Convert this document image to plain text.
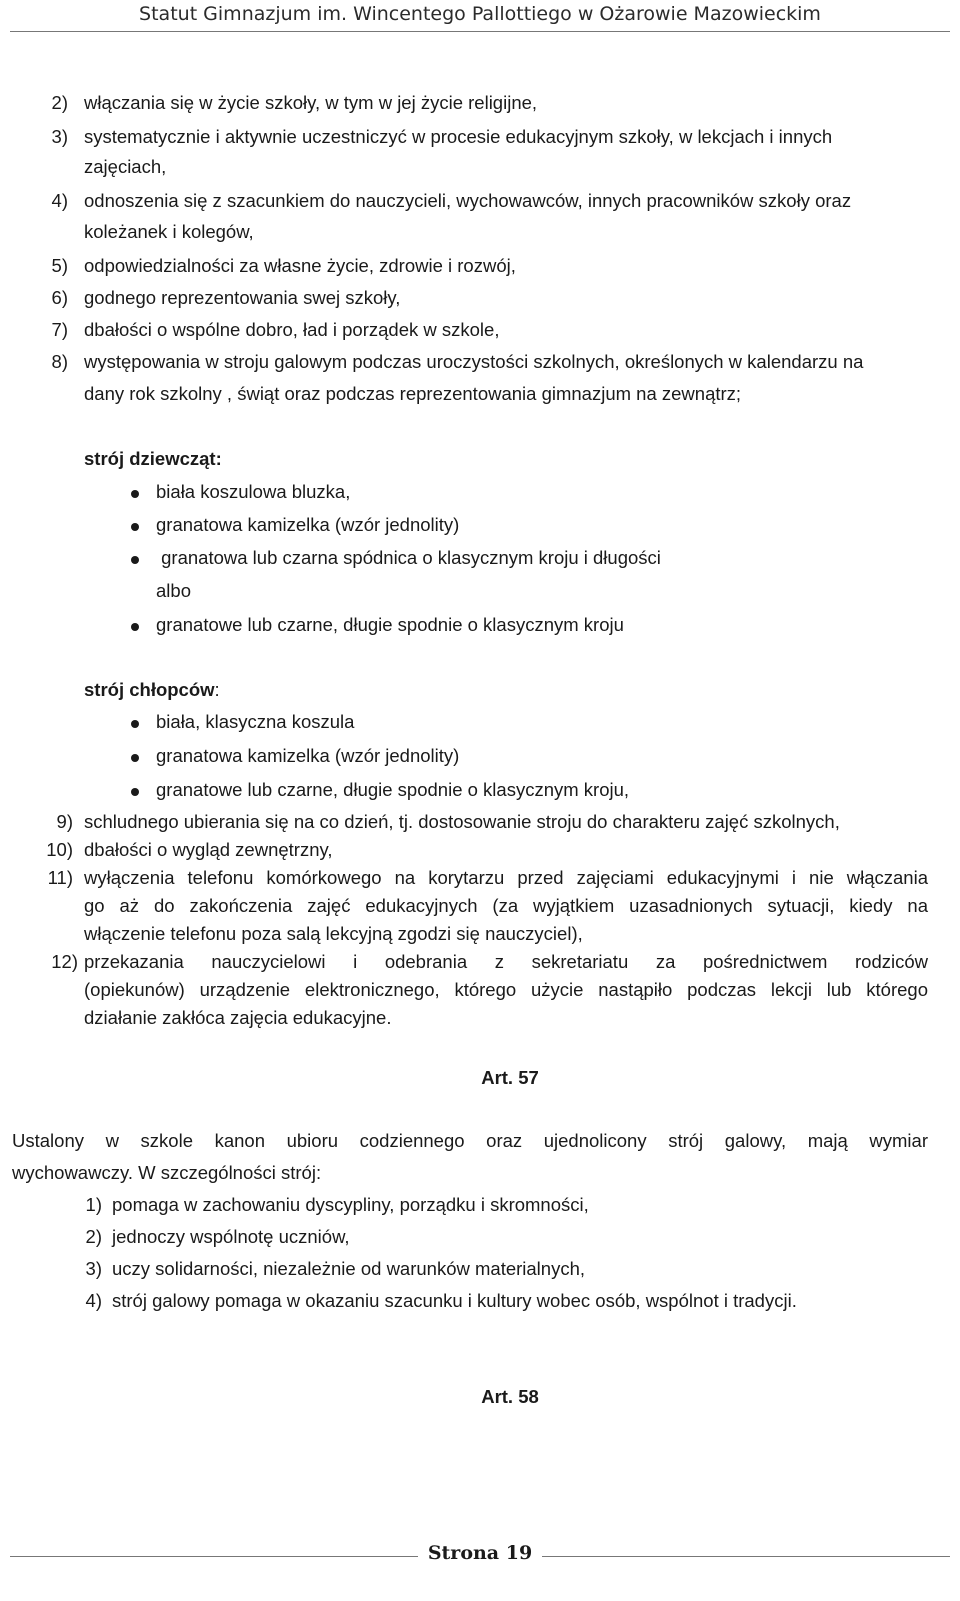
Statut Gimnazjum im. Wincentego Pallottiego w Ożarowie Mazowieckim
2) włączania się w życie szkoły, w tym w jej życie religijne,
3) systematycznie i aktywnie uczestniczyć w procesie edukacyjnym szkoły, w lekcjach i innych
zajęciach,
4) odnoszenia się z szacunkiem do nauczycieli, wychowawców, innych pracowników szkoły oraz
koleżanek i kolegów,
5) odpowiedzialności za własne życie, zdrowie i rozwój,
6) godnego reprezentowania swej szkoły,
7) dbałości o wspólne dobro, ład i porządek w szkole,
8) występowania w stroju galowym podczas uroczystości szkolnych, określonych w kalendarzu na
dany rok szkolny , świąt oraz podczas reprezentowania gimnazjum na zewnątrz;
strój dziewcząt:
biała koszulowa bluzka,
granatowa kamizelka (wzór jednolity)
granatowa lub czarna spódnica o klasycznym kroju i długości
albo
granatowe lub czarne, długie spodnie o klasycznym kroju
strój chłopców:
biała, klasyczna koszula
granatowa kamizelka (wzór jednolity)
granatowe lub czarne, długie spodnie o klasycznym kroju,
9) schludnego ubierania się na co dzień, tj. dostosowanie stroju do charakteru zajęć szkolnych,
10) dbałości o wygląd zewnętrzny,
11) wyłączenia telefonu komórkowego na korytarzu przed zajęciami edukacyjnymi i nie włączania
go aż do zakończenia zajęć edukacyjnych (za wyjątkiem uzasadnionych sytuacji, kiedy na
włączenie telefonu poza salą lekcyjną zgodzi się nauczyciel),
12) przekazania nauczycielowi i odebrania z sekretariatu za pośrednictwem rodziców
(opiekunów) urządzenie elektronicznego, którego użycie nastąpiło podczas lekcji lub którego
działanie zakłóca zajęcia edukacyjne.
Art. 57
Ustalony w szkole kanon ubioru codziennego oraz ujednolicony strój galowy, mają wymiar
wychowawczy. W szczególności strój:
1) pomaga w zachowaniu dyscypliny, porządku i skromności,
2) jednoczy wspólnotę uczniów,
3) uczy solidarności, niezależnie od warunków materialnych,
4) strój galowy pomaga w okazaniu szacunku i kultury wobec osób, wspólnot i tradycji.
Art. 58
Strona 19
